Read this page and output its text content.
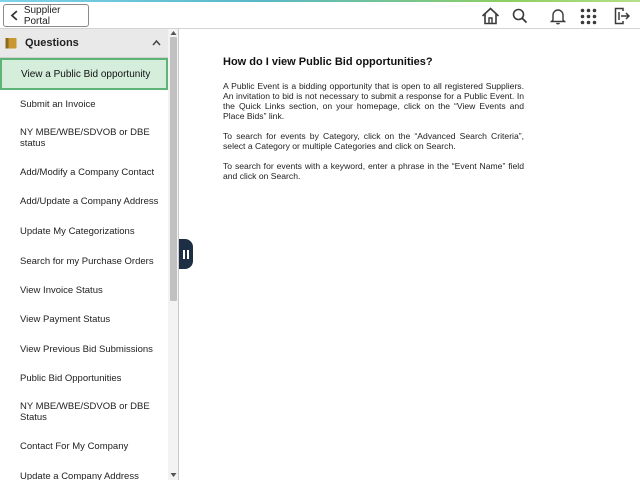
Supplier Portal
Questions
View a Public Bid opportunity
Submit an Invoice
NY MBE/WBE/SDVOB or DBE status
Add/Modify a Company Contact
Add/Update a Company Address
Update My Categorizations
Search for my Purchase Orders
View Invoice Status
View Payment Status
View Previous Bid Submissions
Public Bid Opportunities
NY MBE/WBE/SDVOB or DBE Status
Contact For My Company
Update a Company Address
How do I view Public Bid opportunities?

A Public Event is a bidding opportunity that is open to all registered Suppliers. An invitation to bid is not necessary to submit a response for a Public Event. In the Quick Links section, on your homepage, click on the “View Events and Place Bids” link.

To search for events by Category, click on the “Advanced Search Criteria”, select a Category or multiple Categories and click on Search.

To search for events with a keyword, enter a phrase in the “Event Name” field and click on Search.
